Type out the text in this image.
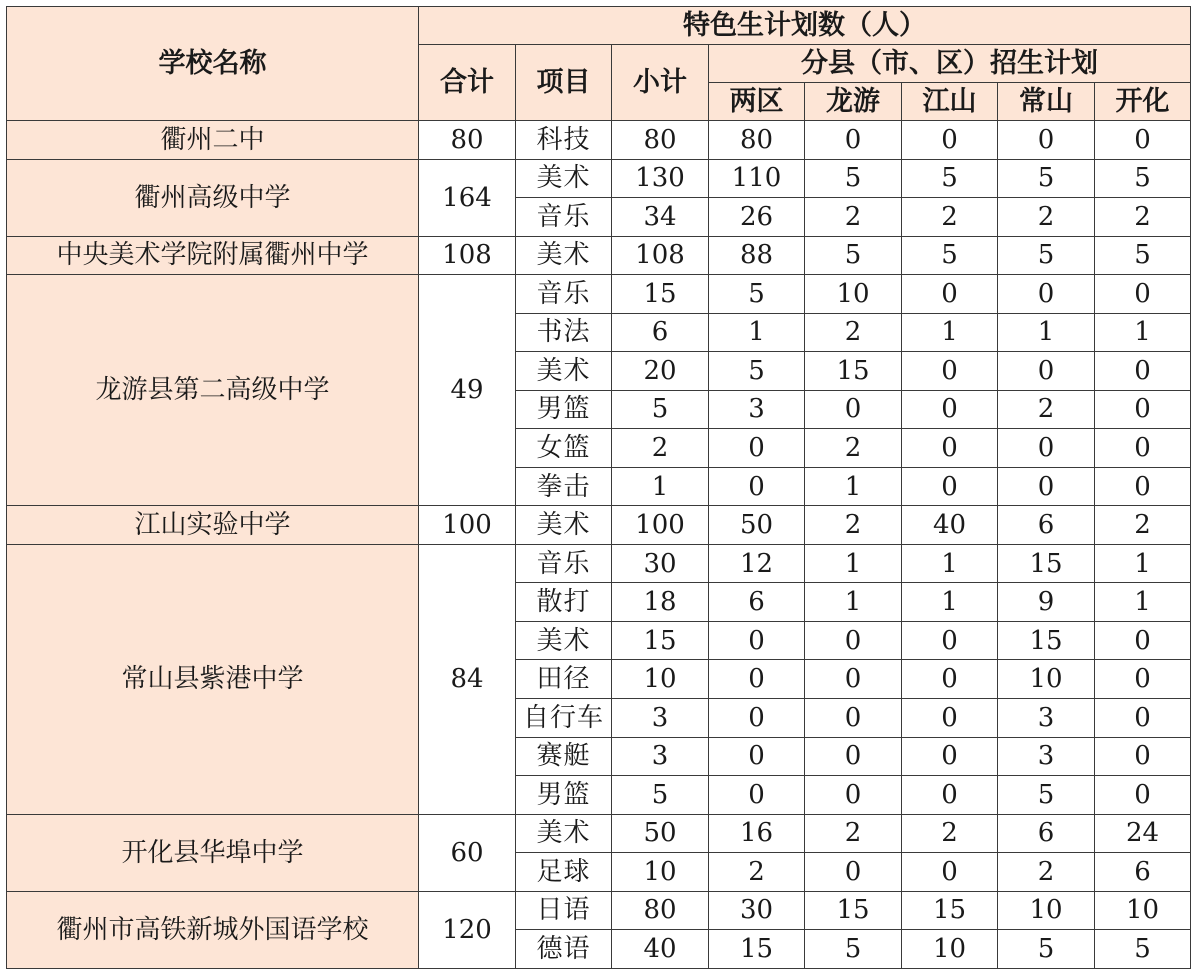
学校名称	特色生计划数（人）							
	合计	项目	小计	分县（市、区）招生计划				
				两区	龙游	江山	常山	开化
衢州二中	80	科技	80	80	0	0	0	0
衢州高级中学	164	美术	130	110	5	5	5	5
		音乐	34	26	2	2	2	2
中央美术学院附属衢州中学	108	美术	108	88	5	5	5	5
龙游县第二高级中学	49	音乐	15	5	10	0	0	0
		书法	6	1	2	1	1	1
		美术	20	5	15	0	0	0
		男篮	5	3	0	0	2	0
		女篮	2	0	2	0	0	0
		拳击	1	0	1	0	0	0
江山实验中学	100	美术	100	50	2	40	6	2
常山县紫港中学	84	音乐	30	12	1	1	15	1
		散打	18	6	1	1	9	1
		美术	15	0	0	0	15	0
		田径	10	0	0	0	10	0
		自行车	3	0	0	0	3	0
		赛艇	3	0	0	0	3	0
		男篮	5	0	0	0	5	0
开化县华埠中学	60	美术	50	16	2	2	6	24
		足球	10	2	0	0	2	6
衢州市高铁新城外国语学校	120	日语	80	30	15	15	10	10
		德语	40	15	5	10	5	5
